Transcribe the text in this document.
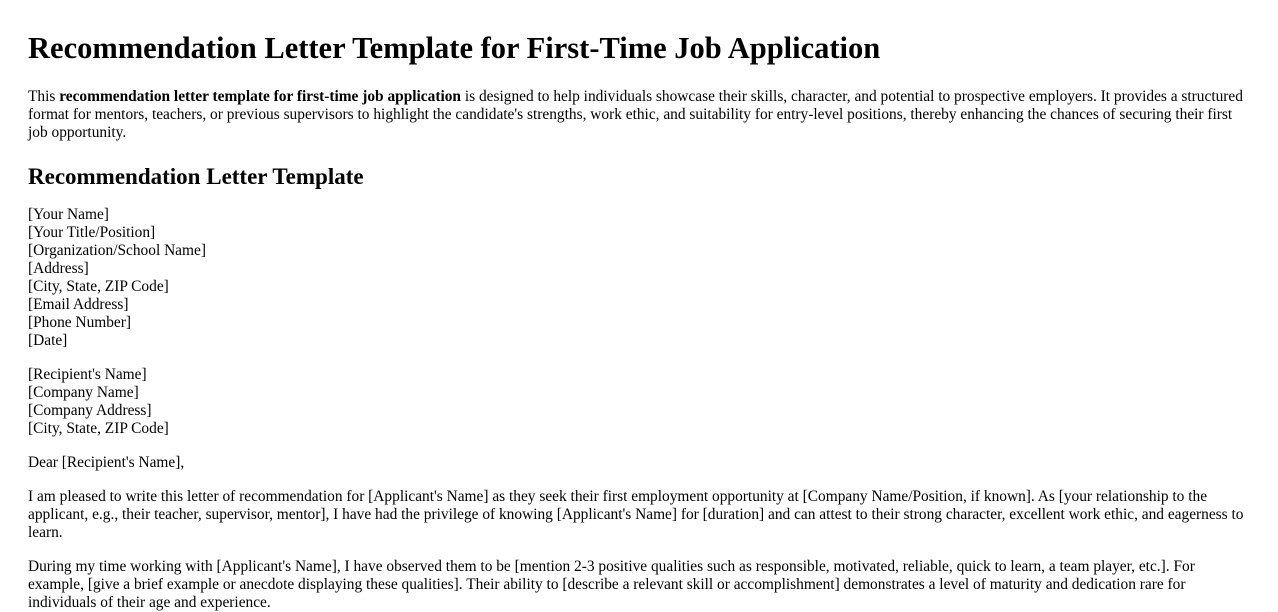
Recommendation Letter Template for First-Time Job Application

This recommendation letter template for first-time job application is designed to help individuals showcase their skills, character, and potential to prospective employers. It provides a structured format for mentors, teachers, or previous supervisors to highlight the candidate's strengths, work ethic, and suitability for entry-level positions, thereby enhancing the chances of securing their first job opportunity.

Recommendation Letter Template

[Your Name]
[Your Title/Position]
[Organization/School Name]
[Address]
[City, State, ZIP Code]
[Email Address]
[Phone Number]
[Date]

[Recipient's Name]
[Company Name]
[Company Address]
[City, State, ZIP Code]

Dear [Recipient's Name],

I am pleased to write this letter of recommendation for [Applicant's Name] as they seek their first employment opportunity at [Company Name/Position, if known]. As [your relationship to the applicant, e.g., their teacher, supervisor, mentor], I have had the privilege of knowing [Applicant's Name] for [duration] and can attest to their strong character, excellent work ethic, and eagerness to learn.

During my time working with [Applicant's Name], I have observed them to be [mention 2-3 positive qualities such as responsible, motivated, reliable, quick to learn, a team player, etc.]. For example, [give a brief example or anecdote displaying these qualities]. Their ability to [describe a relevant skill or accomplishment] demonstrates a level of maturity and dedication rare for individuals of their age and experience.
